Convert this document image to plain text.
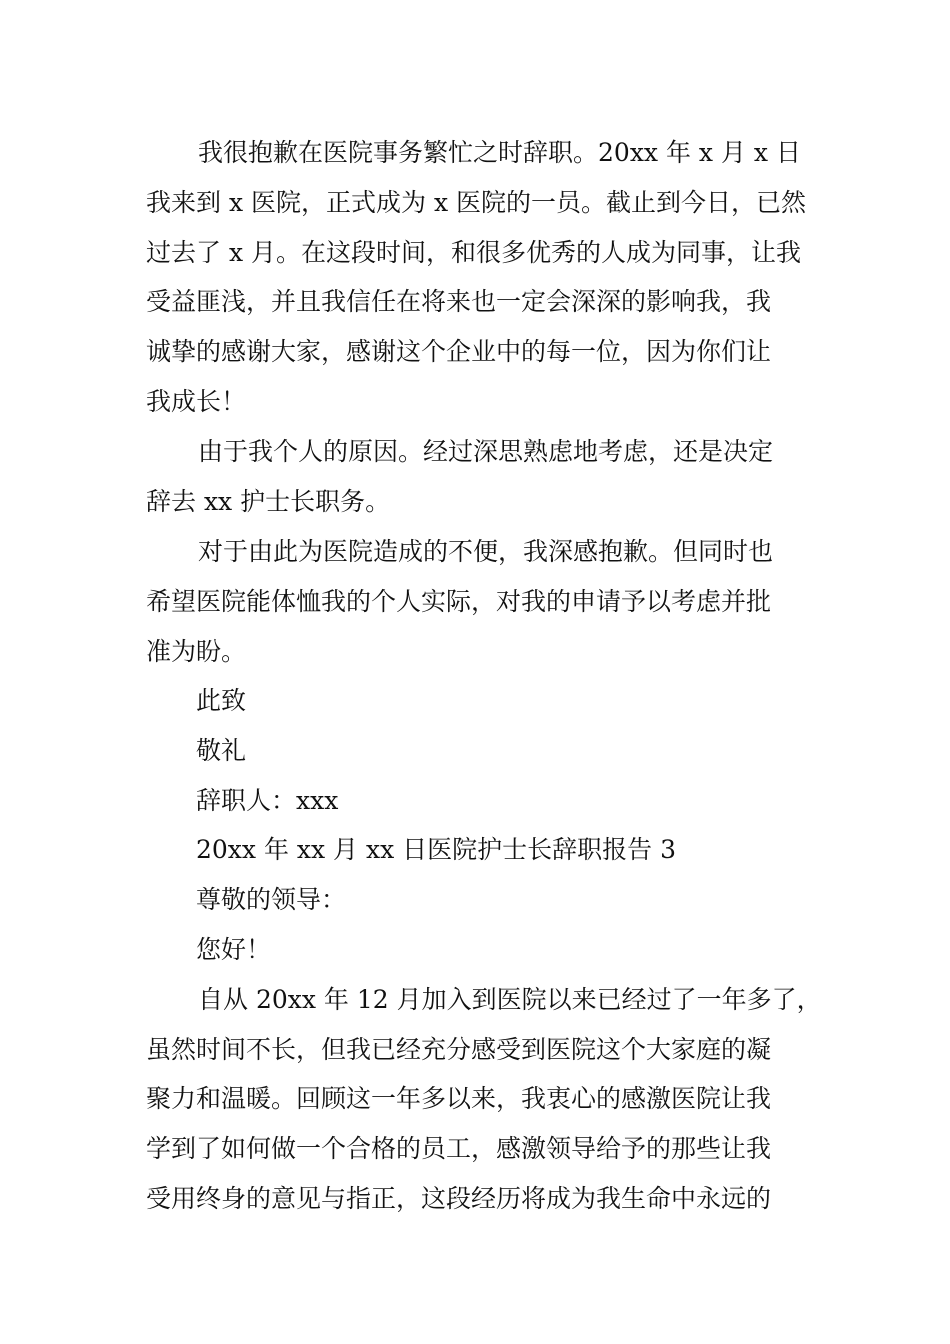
我很抱歉在医院事务繁忙之时辞职。20xx 年 x 月 x 日
我来到 x 医院，正式成为 x 医院的一员。截止到今日，已然
过去了 x 月。在这段时间，和很多优秀的人成为同事，让我
受益匪浅，并且我信任在将来也一定会深深的影响我，我
诚挚的感谢大家，感谢这个企业中的每一位，因为你们让
我成长！
由于我个人的原因。经过深思熟虑地考虑，还是决定
辞去 xx 护士长职务。
对于由此为医院造成的不便，我深感抱歉。但同时也
希望医院能体恤我的个人实际，对我的申请予以考虑并批
准为盼。
此致
敬礼
辞职人：xxx
20xx 年 xx 月 xx 日医院护士长辞职报告 3
尊敬的领导：
您好！
自从 20xx 年 12 月加入到医院以来已经过了一年多了，
虽然时间不长，但我已经充分感受到医院这个大家庭的凝
聚力和温暖。回顾这一年多以来，我衷心的感激医院让我
学到了如何做一个合格的员工，感激领导给予的那些让我
受用终身的意见与指正，这段经历将成为我生命中永远的
